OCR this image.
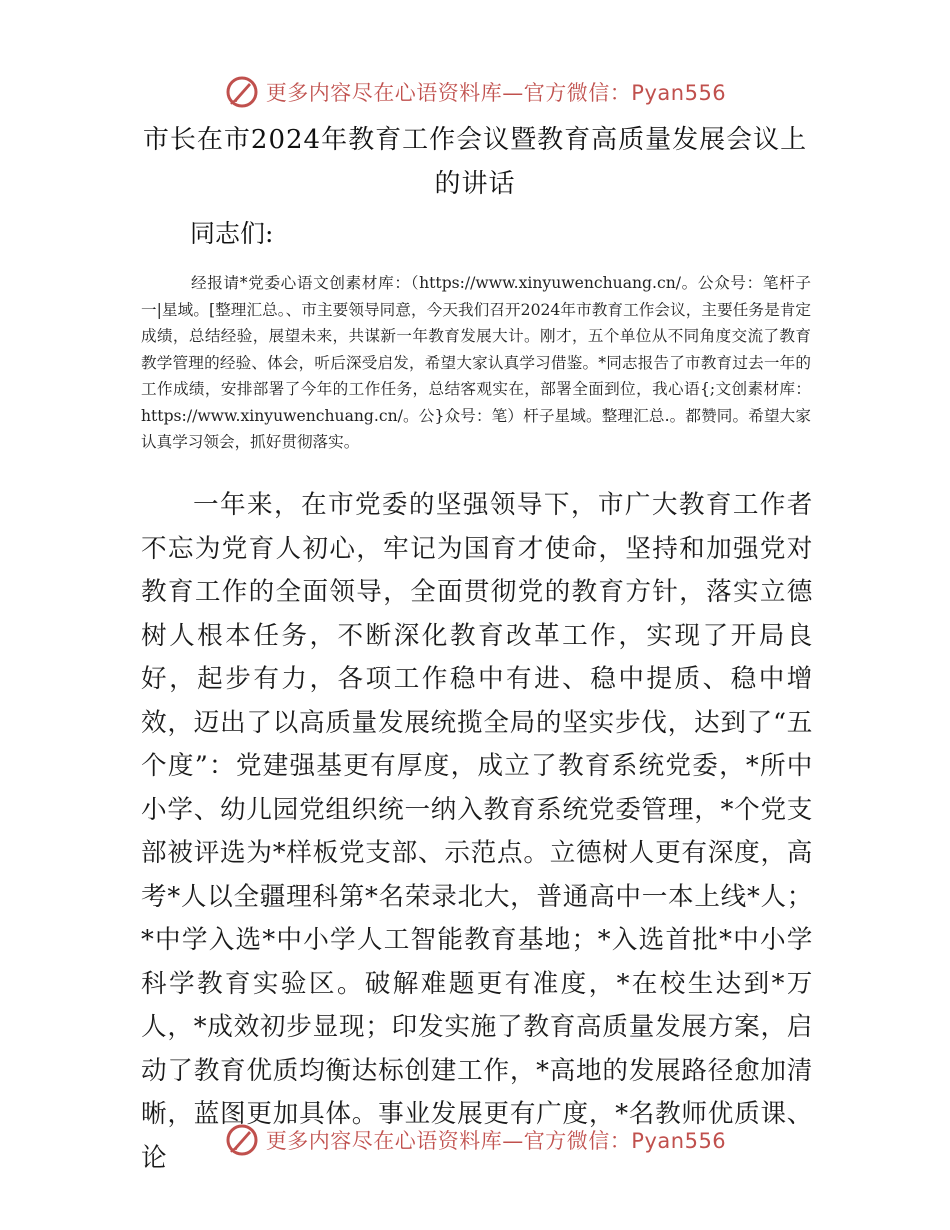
更多内容尽在心语资料库—官方微信：Pyan556
市长在市2024年教育工作会议暨教育高质量发展会议上的讲话
同志们:

经报请*党委心语文创素材库：（https://www.xinyuwenchuang.cn/。公众号：笔杆子一|星域。[整理汇总。、市主要领导同意，今天我们召开2024年市教育工作会议，主要任务是肯定成绩，总结经验，展望未来，共谋新一年教育发展大计。刚才，五个单位从不同角度交流了教育教学管理的经验、体会，听后深受启发，希望大家认真学习借鉴。*同志报告了市教育过去一年的工作成绩，安排部署了今年的工作任务，总结客观实在，部署全面到位，我心语{;文创素材库：https://www.xinyuwenchuang.cn/。公}众号：笔）杆子星域。整理汇总.。都赞同。希望大家认真学习领会，抓好贯彻落实。

一年来，在市党委的坚强领导下，市广大教育工作者不忘为党育人初心，牢记为国育才使命，坚持和加强党对教育工作的全面领导，全面贯彻党的教育方针，落实立德树人根本任务，不断深化教育改革工作，实现了开局良好，起步有力，各项工作稳中有进、稳中提质、稳中增效，迈出了以高质量发展统揽全局的坚实步伐，达到了“五个度”：党建强基更有厚度，成立了教育系统党委，*所中小学、幼儿园党组织统一纳入教育系统党委管理，*个党支部被评选为*样板党支部、示范点。立德树人更有深度，高考*人以全疆理科第*名荣录北大，普通高中一本上线*人；*中学入选*中小学人工智能教育基地；*入选首批*中小学科学教育实验区。破解难题更有准度，*在校生达到*万人，*成效初步显现；印发实施了教育高质量发展方案，启动了教育优质均衡达标创建工作，*高地的发展路径愈加清晰，蓝图更加具体。事业发展更有广度，*名教师优质课、论

更多内容尽在心语资料库—官方微信：Pyan556
